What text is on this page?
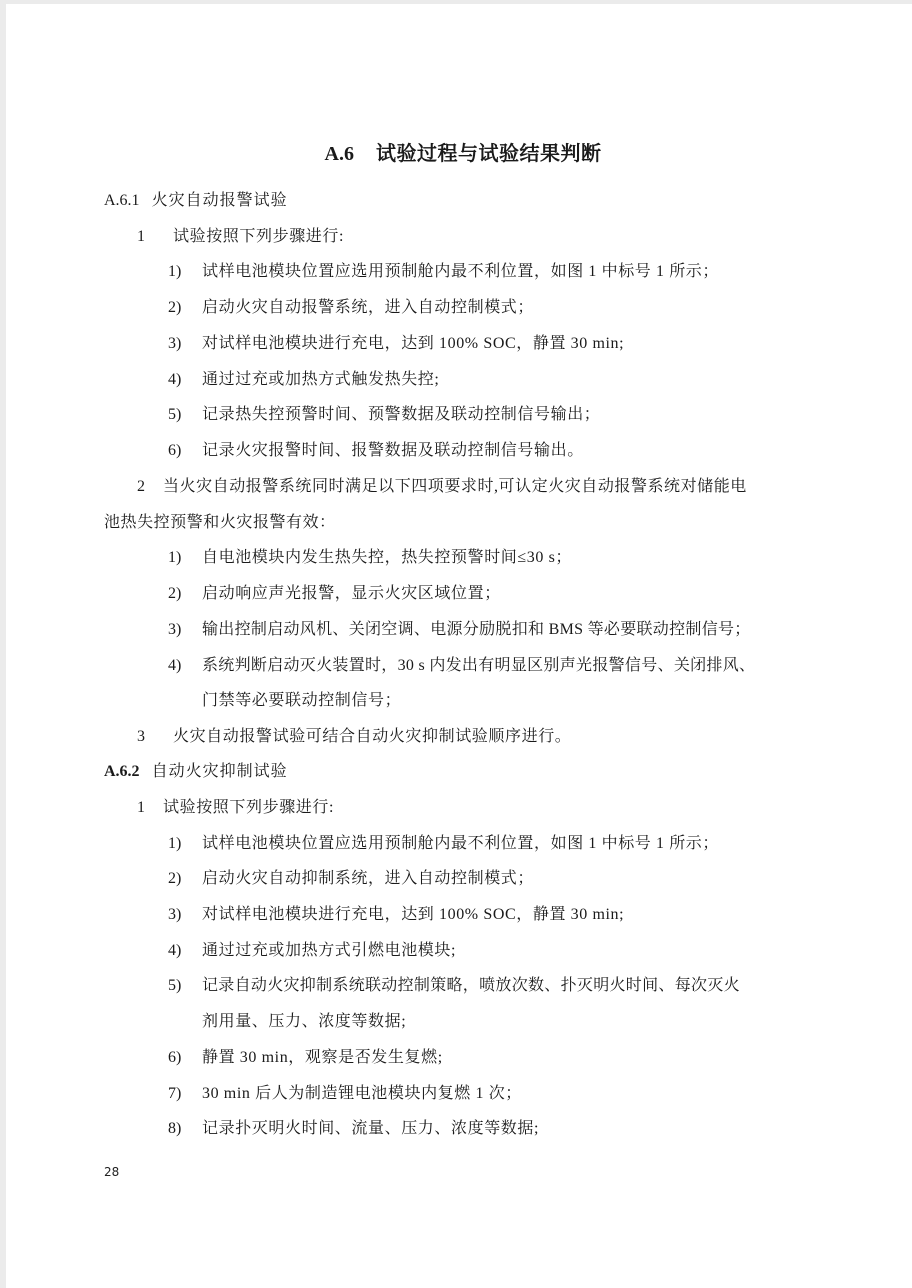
A.6 试验过程与试验结果判断
A.6.1 火灾自动报警试验
1 试验按照下列步骤进行:
1) 试样电池模块位置应选用预制舱内最不利位置，如图 1 中标号 1 所示；
2) 启动火灾自动报警系统，进入自动控制模式；
3) 对试样电池模块进行充电，达到 100% SOC，静置 30 min;
4) 通过过充或加热方式触发热失控;
5) 记录热失控预警时间、预警数据及联动控制信号输出；
6) 记录火灾报警时间、报警数据及联动控制信号输出。
2 当火灾自动报警系统同时满足以下四项要求时,可认定火灾自动报警系统对储能电
池热失控预警和火灾报警有效：
1) 自电池模块内发生热失控，热失控预警时间≤30 s；
2) 启动响应声光报警，显示火灾区域位置；
3) 输出控制启动风机、关闭空调、电源分励脱扣和 BMS 等必要联动控制信号；
4) 系统判断启动灭火装置时，30 s 内发出有明显区别声光报警信号、关闭排风、
门禁等必要联动控制信号；
3 火灾自动报警试验可结合自动火灾抑制试验顺序进行。
A.6.2 自动火灾抑制试验
1 试验按照下列步骤进行:
1) 试样电池模块位置应选用预制舱内最不利位置，如图 1 中标号 1 所示；
2) 启动火灾自动抑制系统，进入自动控制模式；
3) 对试样电池模块进行充电，达到 100% SOC，静置 30 min;
4) 通过过充或加热方式引燃电池模块;
5) 记录自动火灾抑制系统联动控制策略，喷放次数、扑灭明火时间、每次灭火
剂用量、压力、浓度等数据;
6) 静置 30 min，观察是否发生复燃;
7) 30 min 后人为制造锂电池模块内复燃 1 次；
8) 记录扑灭明火时间、流量、压力、浓度等数据;
28
